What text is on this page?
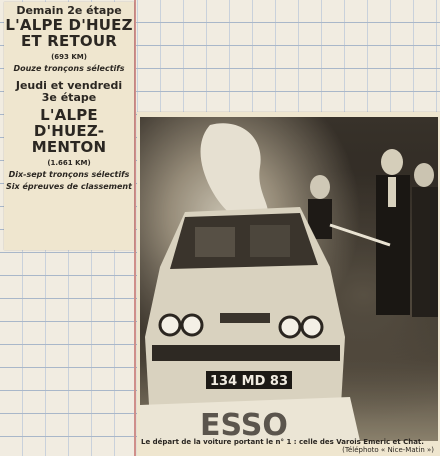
Demain 2e étape
L'ALPE D'HUEZ
ET RETOUR
(693 KM)
Douze tronçons sélectifs
Jeudi et vendredi
3e étape
L'ALPE D'HUEZ-
MENTON
(1.661 KM)
Dix-sept tronçons sélectifs
Six épreuves de classement
134 MD 83
ESSO
Le départ de la voiture portant le n° 1 : celle des Varois Emeric et Chat.
(Téléphoto « Nice-Matin »)
